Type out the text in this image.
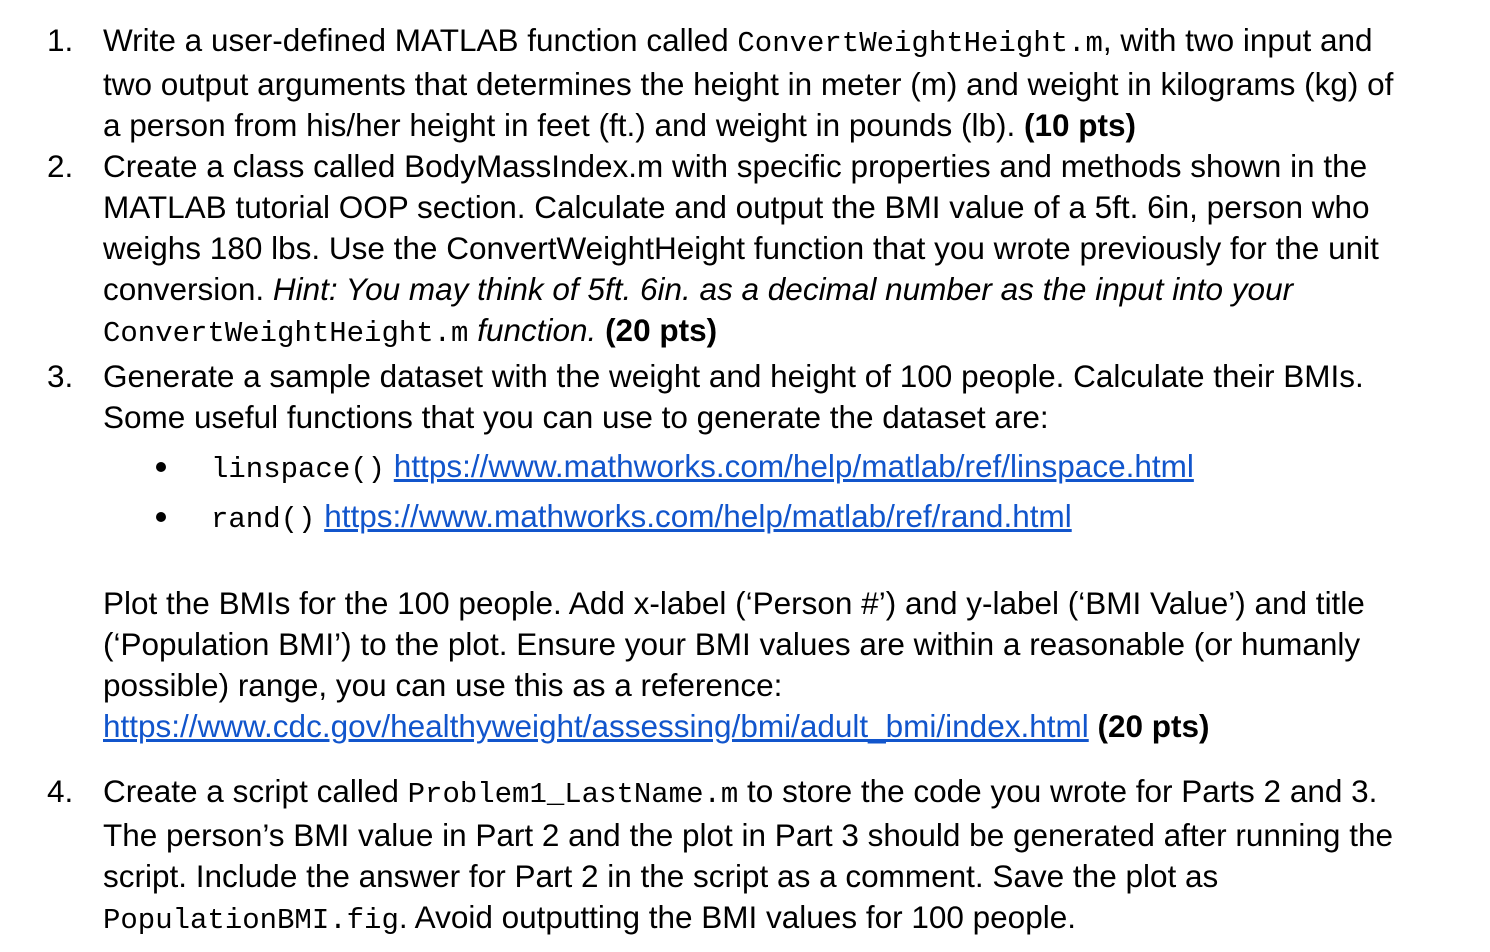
1. Write a user-defined MATLAB function called ConvertWeightHeight.m, with two input and two output arguments that determines the height in meter (m) and weight in kilograms (kg) of a person from his/her height in feet (ft.) and weight in pounds (lb). (10 pts)
2. Create a class called BodyMassIndex.m with specific properties and methods shown in the MATLAB tutorial OOP section. Calculate and output the BMI value of a 5ft. 6in, person who weighs 180 lbs. Use the ConvertWeightHeight function that you wrote previously for the unit conversion. Hint: You may think of 5ft. 6in. as a decimal number as the input into your ConvertWeightHeight.m function. (20 pts)
3. Generate a sample dataset with the weight and height of 100 people. Calculate their BMIs. Some useful functions that you can use to generate the dataset are:
linspace() https://www.mathworks.com/help/matlab/ref/linspace.html
rand() https://www.mathworks.com/help/matlab/ref/rand.html
Plot the BMIs for the 100 people. Add x-label (‘Person #’) and y-label (‘BMI Value’) and title (‘Population BMI’) to the plot. Ensure your BMI values are within a reasonable (or humanly possible) range, you can use this as a reference: https://www.cdc.gov/healthyweight/assessing/bmi/adult_bmi/index.html (20 pts)
4. Create a script called Problem1_LastName.m to store the code you wrote for Parts 2 and 3. The person’s BMI value in Part 2 and the plot in Part 3 should be generated after running the script. Include the answer for Part 2 in the script as a comment. Save the plot as PopulationBMI.fig. Avoid outputting the BMI values for 100 people.
